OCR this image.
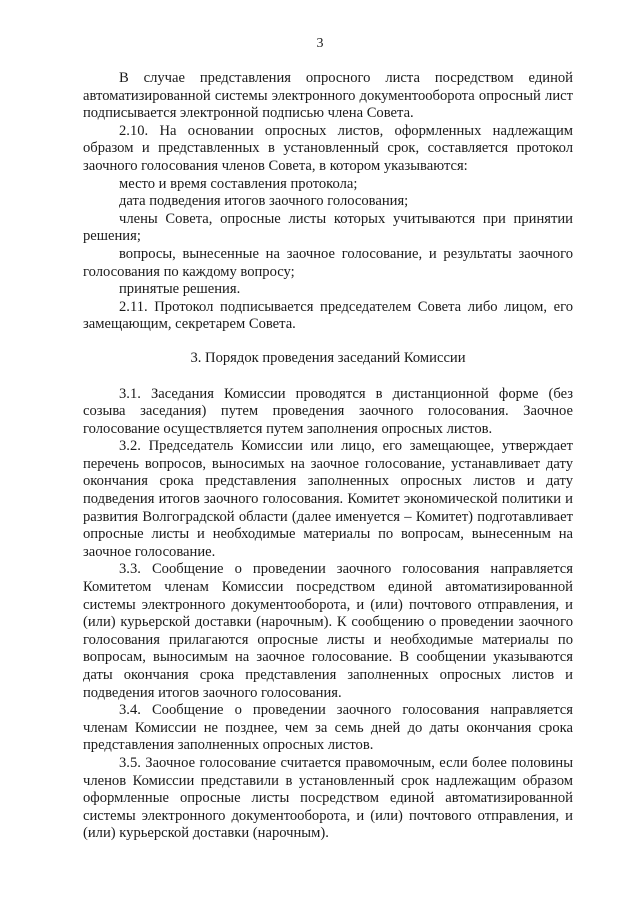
3

В случае представления опросного листа посредством единой автоматизированной системы электронного документооборота опросный лист подписывается электронной подписью члена Совета.

2.10. На основании опросных листов, оформленных надлежащим образом и представленных в установленный срок, составляется протокол заочного голосования членов Совета, в котором указываются:

место и время составления протокола;

дата подведения итогов заочного голосования;

члены Совета, опросные листы которых учитываются при принятии решения;

вопросы, вынесенные на заочное голосование, и результаты заочного голосования по каждому вопросу;

принятые решения.

2.11. Протокол подписывается председателем Совета либо лицом, его замещающим, секретарем Совета.

3. Порядок проведения заседаний Комиссии

3.1. Заседания Комиссии проводятся в дистанционной форме (без созыва заседания) путем проведения заочного голосования. Заочное голосование осуществляется путем заполнения опросных листов.

3.2. Председатель Комиссии или лицо, его замещающее, утверждает перечень вопросов, выносимых на заочное голосование, устанавливает дату окончания срока представления заполненных опросных листов и дату подведения итогов заочного голосования. Комитет экономической политики и развития Волгоградской области (далее именуется – Комитет) подготавливает опросные листы и необходимые материалы по вопросам, вынесенным на заочное голосование.

3.3. Сообщение о проведении заочного голосования направляется Комитетом членам Комиссии посредством единой автоматизированной системы электронного документооборота, и (или) почтового отправления, и (или) курьерской доставки (нарочным). К сообщению о проведении заочного голосования прилагаются опросные листы и необходимые материалы по вопросам, выносимым на заочное голосование. В сообщении указываются даты окончания срока представления заполненных опросных листов и подведения итогов заочного голосования.

3.4. Сообщение о проведении заочного голосования направляется членам Комиссии не позднее, чем за семь дней до даты окончания срока представления заполненных опросных листов.

3.5. Заочное голосование считается правомочным, если более половины членов Комиссии представили в установленный срок надлежащим образом оформленные опросные листы посредством единой автоматизированной системы электронного документооборота, и (или) почтового отправления, и (или) курьерской доставки (нарочным).
